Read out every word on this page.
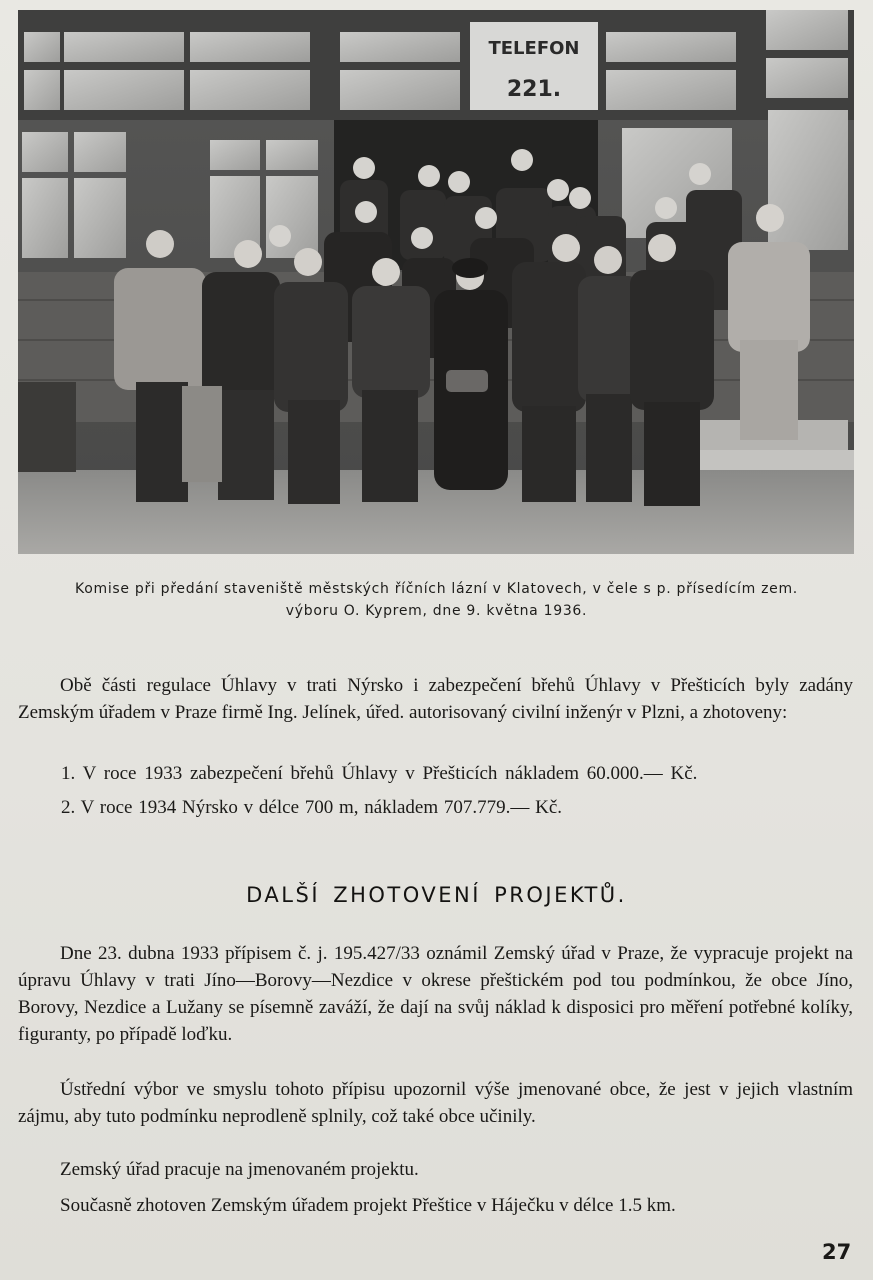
TELEFON
221.
Komise při předání staveniště městských říčních lázní v Klatovech, v čele s p. přísedícím zem.
výboru O. Kyprem, dne 9. května 1936.

Obě části regulace Úhlavy v trati Nýrsko i zabezpečení břehů Úhlavy v Přešticích byly zadány Zemským úřadem v Praze firmě Ing. Jelínek, úřed. autorisovaný civilní inženýr v Plzni, a zhotoveny:

1. V roce 1933 zabezpečení břehů Úhlavy v Přešticích nákladem 60.000.— Kč.
2. V roce 1934 Nýrsko v délce 700 m, nákladem 707.779.— Kč.
DALŠÍ ZHOTOVENÍ PROJEKTŮ.

Dne 23. dubna 1933 přípisem č. j. 195.427/33 oznámil Zemský úřad v Praze, že vypracuje projekt na úpravu Úhlavy v trati Jíno—Borovy—Nezdice v okrese přeštickém pod tou podmínkou, že obce Jíno, Borovy, Nezdice a Lužany se písemně zaváží, že dají na svůj náklad k disposici pro měření potřebné kolíky, figuranty, po případě loďku.

Ústřední výbor ve smyslu tohoto přípisu upozornil výše jmenované obce, že jest v jejich vlastním zájmu, aby tuto podmínku neprodleně splnily, což také obce učinily.

Zemský úřad pracuje na jmenovaném projektu.

Současně zhotoven Zemským úřadem projekt Přeštice v Háječku v délce 1.5 km.

27
